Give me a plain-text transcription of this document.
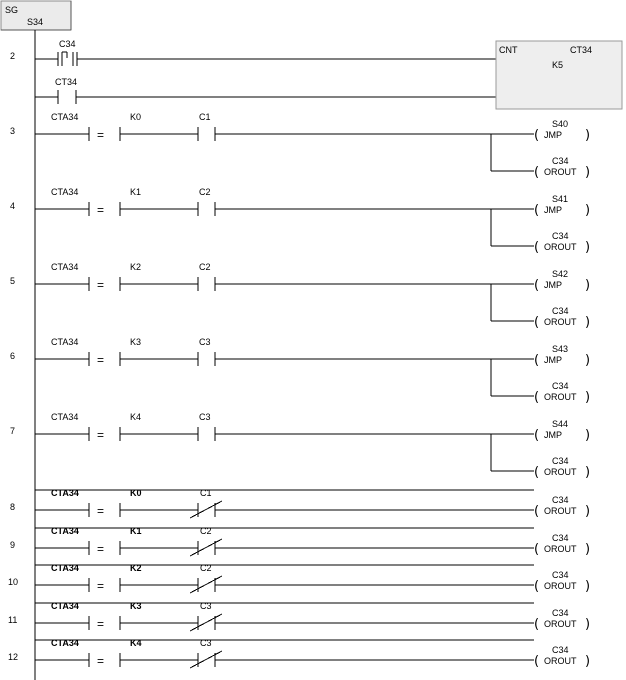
SG
S34
2
C34
CT34
CNT	CT34
K5
3
CTA34	K0
=
C1
(	)
S40
JMP
(	)
C34
OROUT
4
CTA34	K1
=
C2
(	)
S41
JMP
(	)
C34
OROUT
5
CTA34	K2
=
C2
(	)
S42
JMP
(	)
C34
OROUT
6
CTA34	K3
=
C3
(	)
S43
JMP
(	)
C34
OROUT
7
CTA34	K4
=
C3
(	)
S44
JMP
(	)
C34
OROUT
8
CTA34	K0
=
C1
(	)
C34
OROUT
9
CTA34	K1
=
C2
(	)
C34
OROUT
10
CTA34	K2
=
C2
(	)
C34
OROUT
11
CTA34	K3
=
C3
(	)
C34
OROUT
12
CTA34	K4
=
C3
(	)
C34
OROUT
